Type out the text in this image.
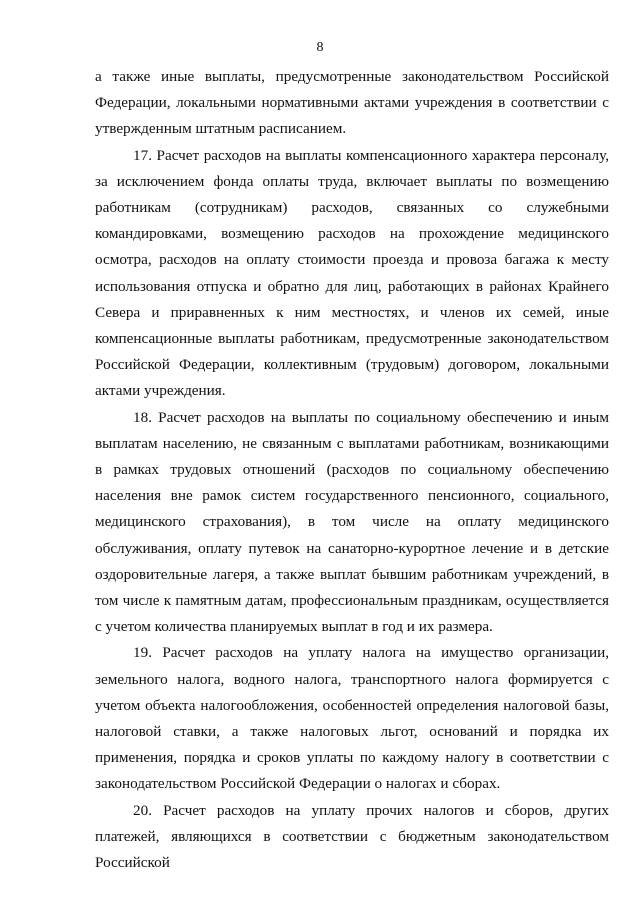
8

а также иные выплаты, предусмотренные законодательством Российской Федерации, локальными нормативными актами учреждения в соответствии с утвержденным штатным расписанием.

17. Расчет расходов на выплаты компенсационного характера персоналу, за исключением фонда оплаты труда, включает выплаты по возмещению работникам (сотрудникам) расходов, связанных со служебными командировками, возмещению расходов на прохождение медицинского осмотра, расходов на оплату стоимости проезда и провоза багажа к месту использования отпуска и обратно для лиц, работающих в районах Крайнего Севера и приравненных к ним местностях, и членов их семей, иные компенсационные выплаты работникам, предусмотренные законодательством Российской Федерации, коллективным (трудовым) договором, локальными актами учреждения.

18. Расчет расходов на выплаты по социальному обеспечению и иным выплатам населению, не связанным с выплатами работникам, возникающими в рамках трудовых отношений (расходов по социальному обеспечению населения вне рамок систем государственного пенсионного, социального, медицинского страхования), в том числе на оплату медицинского обслуживания, оплату путевок на санаторно-курортное лечение и в детские оздоровительные лагеря, а также выплат бывшим работникам учреждений, в том числе к памятным датам, профессиональным праздникам, осуществляется с учетом количества планируемых выплат в год и их размера.

19. Расчет расходов на уплату налога на имущество организации, земельного налога, водного налога, транспортного налога формируется с учетом объекта налогообложения, особенностей определения налоговой базы, налоговой ставки, а также налоговых льгот, оснований и порядка их применения, порядка и сроков уплаты по каждому налогу в соответствии с законодательством Российской Федерации о налогах и сборах.

20. Расчет расходов на уплату прочих налогов и сборов, других платежей, являющихся в соответствии с бюджетным законодательством Российской
